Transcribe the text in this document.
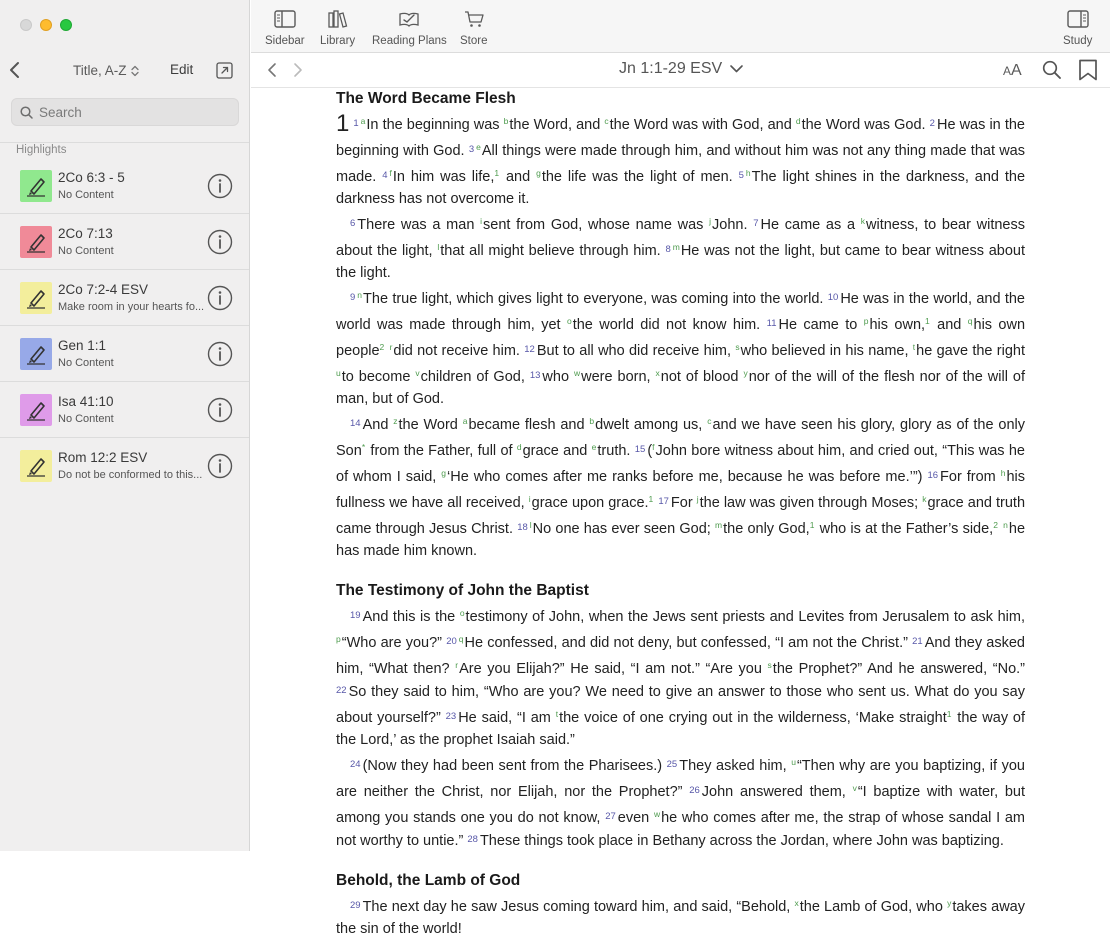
Title, A-Z	Edit
Search
Highlights
2Co 6:3 - 5
No Content
2Co 7:13
No Content
2Co 7:2-4 ESV
Make room in your hearts fo...
Gen 1:1
No Content
Isa 41:10
No Content
Rom 12:2 ESV
Do not be conformed to this...
Sidebar Library Reading Plans Store	Study
Jn 1:1-29 ESV	AA
The Word Became Flesh
1 $^1$ $^a$In the beginning was $^b$the Word, and $^c$the Word was with God, and $^d$the Word was God. $^2$ He was in the beginning with God. $^3$ $^e$All things were made through him, and without him was not any thing made that was made. $^4$ $^f$In him was life,$^1$ and $^g$the life was the light of men. $^5$ $^h$The light shines in the darkness, and the darkness has not overcome it.
$^6$ There was a man $^i$sent from God, whose name was $^j$John. $^7$ He came as a $^k$witness, to bear witness about the light, $^l$that all might believe through him. $^8$ $^m$He was not the light, but came to bear witness about the light.
$^9$ $^n$The true light, which gives light to everyone, was coming into the world. $^{10}$ He was in the world, and the world was made through him, yet $^o$the world did not know him. $^{11}$ He came to $^p$his own,$^1$ and $^q$his own people$^2$ $^r$did not receive him. $^{12}$ But to all who did receive him, $^s$who believed in his name, $^t$he gave the right $^u$to become $^v$children of God, $^{13}$ who $^w$were born, $^x$not of blood $^y$nor of the will of the flesh nor of the will of man, but of God.
$^{14}$ And $^z$the Word $^a$became flesh and $^b$dwelt among us, $^c$and we have seen his glory, glory as of the only Son* from the Father, full of $^d$grace and $^e$truth. $^{15}$ ($^f$John bore witness about him, and cried out, “This was he of whom I said, $^g$‘He who comes after me ranks before me, because he was before me.’”) $^{16}$ For from $^h$his fullness we have all received, $^i$grace upon grace.$^1$ $^{17}$ For $^j$the law was given through Moses; $^k$grace and truth came through Jesus Christ. $^{18}$ $^l$No one has ever seen God; $^m$the only God,$^1$ who is at the Father’s side,$^2$ $^n$he has made him known.
The Testimony of John the Baptist
$^{19}$ And this is the $^o$testimony of John, when the Jews sent priests and Levites from Jerusalem to ask him, $^p$“Who are you?” $^{20}$ $^q$He confessed, and did not deny, but confessed, “I am not the Christ.” $^{21}$ And they asked him, “What then? $^r$Are you Elijah?” He said, “I am not.” “Are you $^s$the Prophet?” And he answered, “No.” $^{22}$ So they said to him, “Who are you? We need to give an answer to those who sent us. What do you say about yourself?” $^{23}$ He said, “I am $^t$the voice of one crying out in the wilderness, ‘Make straight$^1$ the way of the Lord,’ as the prophet Isaiah said.”
$^{24}$ (Now they had been sent from the Pharisees.) $^{25}$ They asked him, $^u$“Then why are you baptizing, if you are neither the Christ, nor Elijah, nor the Prophet?” $^{26}$ John answered them, $^v$“I baptize with water, but among you stands one you do not know, $^{27}$ even $^w$he who comes after me, the strap of whose sandal I am not worthy to untie.” $^{28}$ These things took place in Bethany across the Jordan, where John was baptizing.
Behold, the Lamb of God
$^{29}$ The next day he saw Jesus coming toward him, and said, “Behold, $^x$the Lamb of God, who $^y$takes away the sin of the world!
